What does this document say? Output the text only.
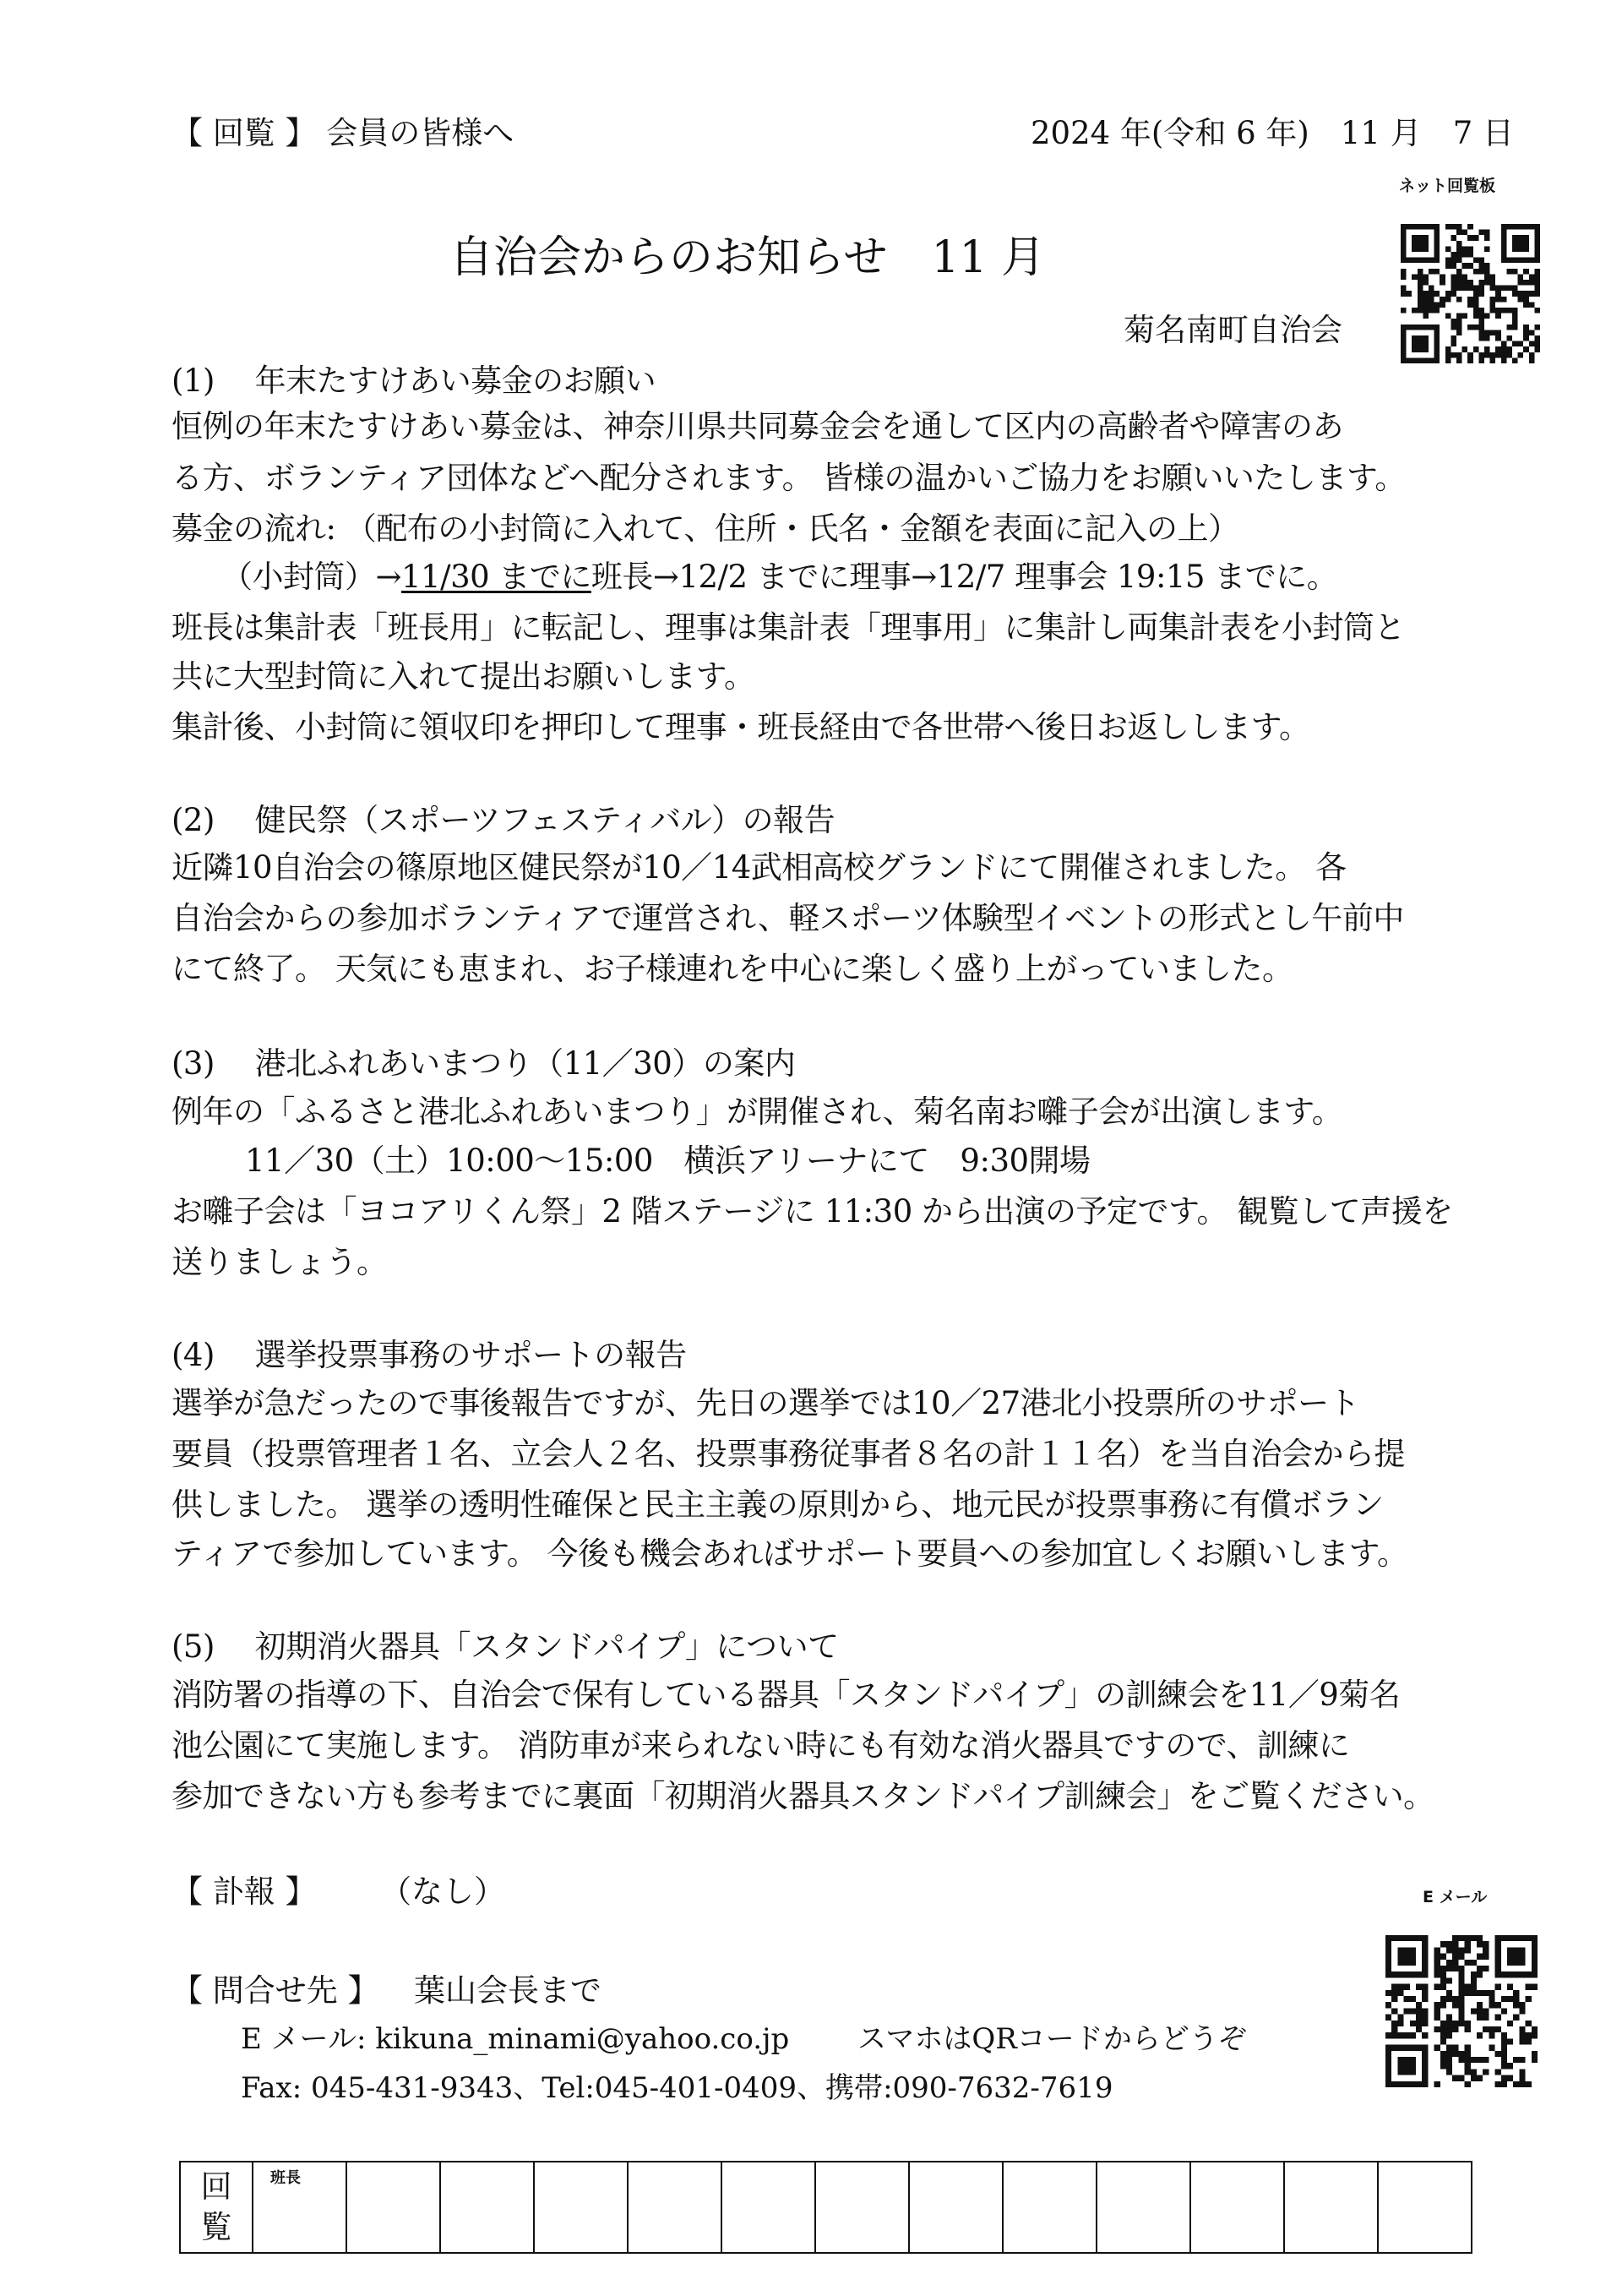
【 回覧 】 会員の皆様へ	2024 年(令和 6 年)　11 月　7 日
ネット回覧板
自治会からのお知らせ　11 月
菊名南町自治会
(1)　 年末たすけあい募金のお願い
恒例の年末たすけあい募金は、神奈川県共同募金会を通して区内の高齢者や障害のあ
る方、ボランティア団体などへ配分されます。 皆様の温かいご協力をお願いいたします。
募金の流れ: （配布の小封筒に入れて、住所・氏名・金額を表面に記入の上）
（小封筒）→11/30 までに班長→12/2 までに理事→12/7 理事会 19:15 までに。
班長は集計表「班長用」に転記し、理事は集計表「理事用」に集計し両集計表を小封筒と
共に大型封筒に入れて提出お願いします。
集計後、小封筒に領収印を押印して理事・班長経由で各世帯へ後日お返しします。
(2)　 健民祭（スポーツフェスティバル）の報告
近隣10自治会の篠原地区健民祭が10／14武相高校グランドにて開催されました。 各
自治会からの参加ボランティアで運営され、軽スポーツ体験型イベントの形式とし午前中
にて終了。 天気にも恵まれ、お子様連れを中心に楽しく盛り上がっていました。
(3)　 港北ふれあいまつり（11／30）の案内
例年の「ふるさと港北ふれあいまつり」が開催され、菊名南お囃子会が出演します。
11／30（土）10:00～15:00　横浜アリーナにて　9:30開場
お囃子会は「ヨコアリくん祭」2 階ステージに 11:30 から出演の予定です。 観覧して声援を
送りましょう。
(4)　 選挙投票事務のサポートの報告
選挙が急だったので事後報告ですが、先日の選挙では10／27港北小投票所のサポート
要員（投票管理者１名、立会人２名、投票事務従事者８名の計１１名）を当自治会から提
供しました。 選挙の透明性確保と民主主義の原則から、地元民が投票事務に有償ボラン
ティアで参加しています。 今後も機会あればサポート要員への参加宜しくお願いします。
(5)　 初期消火器具「スタンドパイプ」について
消防署の指導の下、自治会で保有している器具「スタンドパイプ」の訓練会を11／9菊名
池公園にて実施します。 消防車が来られない時にも有効な消火器具ですので、訓練に
参加できない方も参考までに裏面「初期消火器具スタンドパイプ訓練会」をご覧ください。
【 訃報 】 （なし）	E メール
【 問合せ先 】 葉山会長まで
E メール: kikuna_minami@yahoo.co.jp スマホはQRコードからどうぞ
Fax: 045-431-9343、Tel:045-401-0409、携帯:090-7632-7619
回
覧

班長
